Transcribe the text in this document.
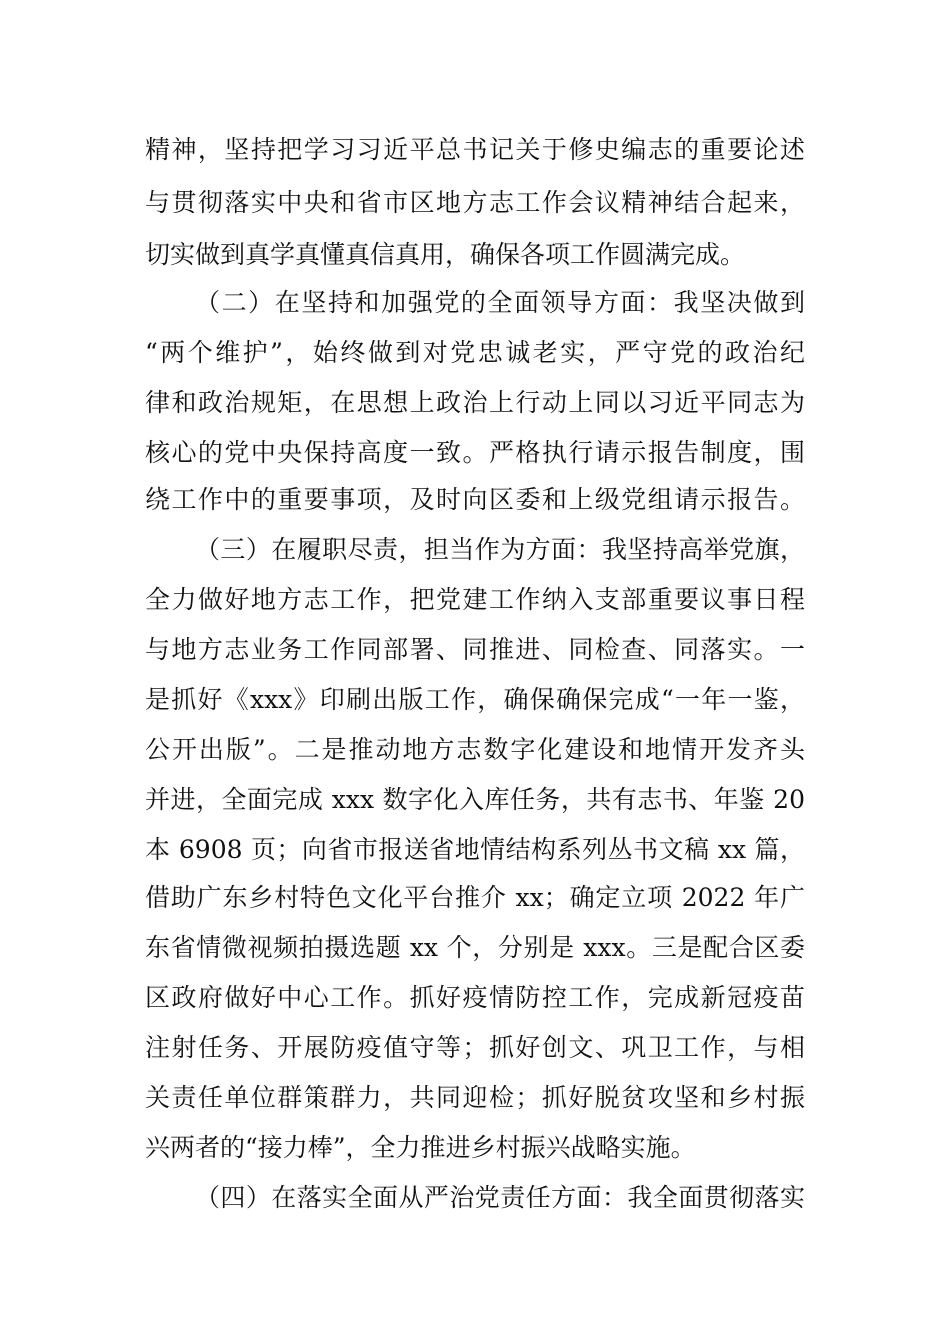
精神，坚持把学习习近平总书记关于修史编志的重要论述
与贯彻落实中央和省市区地方志工作会议精神结合起来，
切实做到真学真懂真信真用，确保各项工作圆满完成。
（二）在坚持和加强党的全面领导方面：我坚决做到
“两个维护”，始终做到对党忠诚老实，严守党的政治纪
律和政治规矩，在思想上政治上行动上同以习近平同志为
核心的党中央保持高度一致。严格执行请示报告制度，围
绕工作中的重要事项，及时向区委和上级党组请示报告。
（三）在履职尽责，担当作为方面：我坚持高举党旗，
全力做好地方志工作，把党建工作纳入支部重要议事日程
与地方志业务工作同部署、同推进、同检查、同落实。一
是抓好《xxx》印刷出版工作，确保确保完成“一年一鉴，
公开出版”。二是推动地方志数字化建设和地情开发齐头
并进，全面完成 xxx 数字化入库任务，共有志书、年鉴 20
本 6908 页；向省市报送省地情结构系列丛书文稿 xx 篇，
借助广东乡村特色文化平台推介 xx；确定立项 2022 年广
东省情微视频拍摄选题 xx 个，分别是 xxx。三是配合区委
区政府做好中心工作。抓好疫情防控工作，完成新冠疫苗
注射任务、开展防疫值守等；抓好创文、巩卫工作，与相
关责任单位群策群力，共同迎检；抓好脱贫攻坚和乡村振
兴两者的“接力棒”，全力推进乡村振兴战略实施。
（四）在落实全面从严治党责任方面：我全面贯彻落实
